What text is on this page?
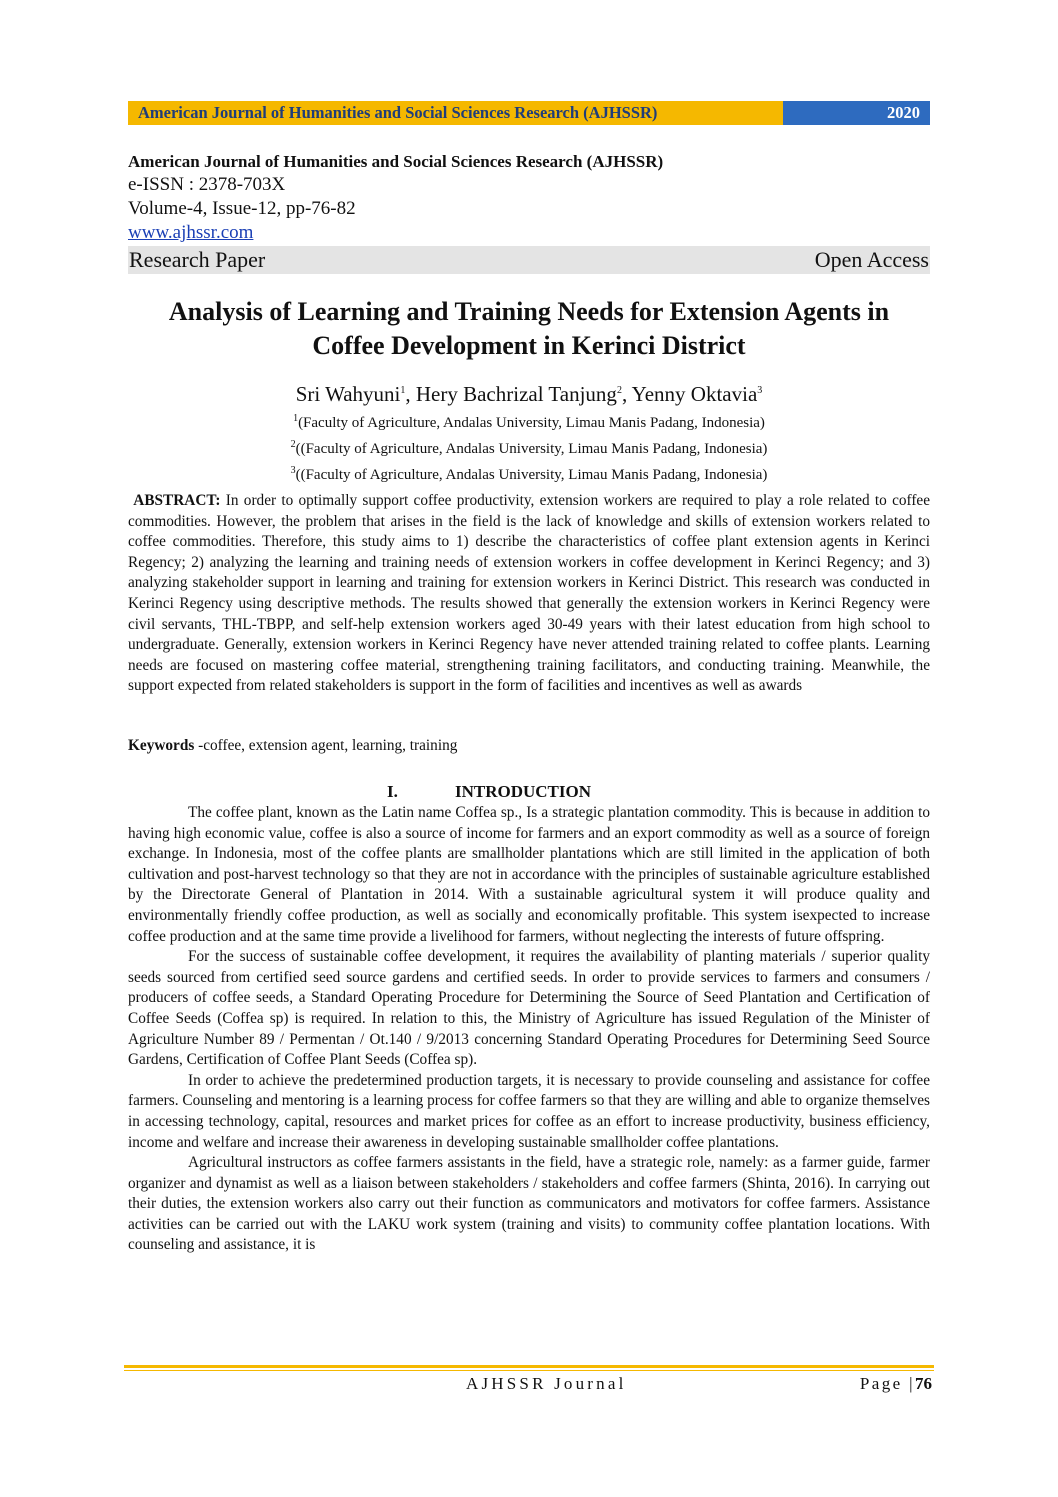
American Journal of Humanities and Social Sciences Research (AJHSSR)	2020
American Journal of Humanities and Social Sciences Research (AJHSSR)
e-ISSN : 2378-703X
Volume-4, Issue-12, pp-76-82
www.ajhssr.com
Research Paper	Open Access
Analysis of Learning and Training Needs for Extension Agents in
Coffee Development in Kerinci District
Sri Wahyuni$^1$, Hery Bachrizal Tanjung$^2$, Yenny Oktavia$^3$
$^1$(Faculty of Agriculture, Andalas University, Limau Manis Padang, Indonesia)
$^2$((Faculty of Agriculture, Andalas University, Limau Manis Padang, Indonesia)
$^3$((Faculty of Agriculture, Andalas University, Limau Manis Padang, Indonesia)
ABSTRACT: In order to optimally support coffee productivity, extension workers are required to play a role related to coffee commodities. However, the problem that arises in the field is the lack of knowledge and skills of extension workers related to coffee commodities. Therefore, this study aims to 1) describe the characteristics of coffee plant extension agents in Kerinci Regency; 2) analyzing the learning and training needs of extension workers in coffee development in Kerinci Regency; and 3) analyzing stakeholder support in learning and training for extension workers in Kerinci District. This research was conducted in Kerinci Regency using descriptive methods. The results showed that generally the extension workers in Kerinci Regency were civil servants, THL-TBPP, and self-help extension workers aged 30-49 years with their latest education from high school to undergraduate. Generally, extension workers in Kerinci Regency have never attended training related to coffee plants. Learning needs are focused on mastering coffee material, strengthening training facilitators, and conducting training. Meanwhile, the support expected from related stakeholders is support in the form of facilities and incentives as well as awards
Keywords -coffee, extension agent, learning, training
I.	INTRODUCTION

The coffee plant, known as the Latin name Coffea sp., Is a strategic plantation commodity. This is because in addition to having high economic value, coffee is also a source of income for farmers and an export commodity as well as a source of foreign exchange. In Indonesia, most of the coffee plants are smallholder plantations which are still limited in the application of both cultivation and post-harvest technology so that they are not in accordance with the principles of sustainable agriculture established by the Directorate General of Plantation in 2014. With a sustainable agricultural system it will produce quality and environmentally friendly coffee production, as well as socially and economically profitable. This system isexpected to increase coffee production and at the same time provide a livelihood for farmers, without neglecting the interests of future offspring.

For the success of sustainable coffee development, it requires the availability of planting materials / superior quality seeds sourced from certified seed source gardens and certified seeds. In order to provide services to farmers and consumers / producers of coffee seeds, a Standard Operating Procedure for Determining the Source of Seed Plantation and Certification of Coffee Seeds (Coffea sp) is required. In relation to this, the Ministry of Agriculture has issued Regulation of the Minister of Agriculture Number 89 / Permentan / Ot.140 / 9/2013 concerning Standard Operating Procedures for Determining Seed Source Gardens, Certification of Coffee Plant Seeds (Coffea sp).

In order to achieve the predetermined production targets, it is necessary to provide counseling and assistance for coffee farmers. Counseling and mentoring is a learning process for coffee farmers so that they are willing and able to organize themselves in accessing technology, capital, resources and market prices for coffee as an effort to increase productivity, business efficiency, income and welfare and increase their awareness in developing sustainable smallholder coffee plantations.

Agricultural instructors as coffee farmers assistants in the field, have a strategic role, namely: as a farmer guide, farmer organizer and dynamist as well as a liaison between stakeholders / stakeholders and coffee farmers (Shinta, 2016). In carrying out their duties, the extension workers also carry out their function as communicators and motivators for coffee farmers. Assistance activities can be carried out with the LAKU work system (training and visits) to community coffee plantation locations. With counseling and assistance, it is

AJHSSR Journal	Page |76
